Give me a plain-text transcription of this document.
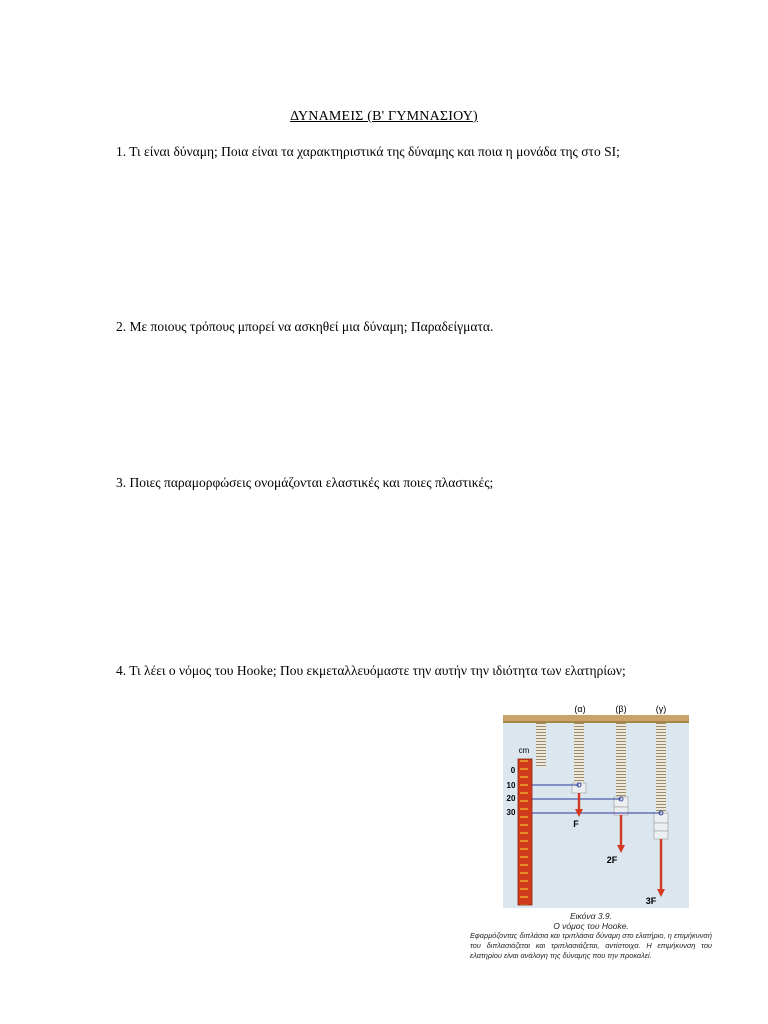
ΔΥΝΑΜΕΙΣ (Β' ΓΥΜΝΑΣΙΟΥ)
1. Τι είναι δύναμη; Ποια είναι τα χαρακτηριστικά της δύναμης και ποια η μονάδα της στο SI;
2. Με ποιους τρόπους μπορεί να ασκηθεί μια δύναμη; Παραδείγματα.
3. Ποιες παραμορφώσεις ονομάζονται ελαστικές και ποιες πλαστικές;
4. Τι λέει ο νόμος του Hooke; Που εκμεταλλευόμαστε την αυτήν την ιδιότητα των ελατηρίων;
(α)	(β)	(γ)
cm
0
10
20
30
F
2F
3F
Εικόνα 3.9.
Ο νόμος του Hooke.
Εφαρμόζοντας διπλάσια και τριπλάσια δύναμη στο ελατήριο, η επιμήκυνσή του διπλασιάζεται και τριπλασιάζεται, αντίστοιχα. Η επιμήκυνση του ελατηρίου είναι ανάλογη της δύναμης που την προκαλεί.
